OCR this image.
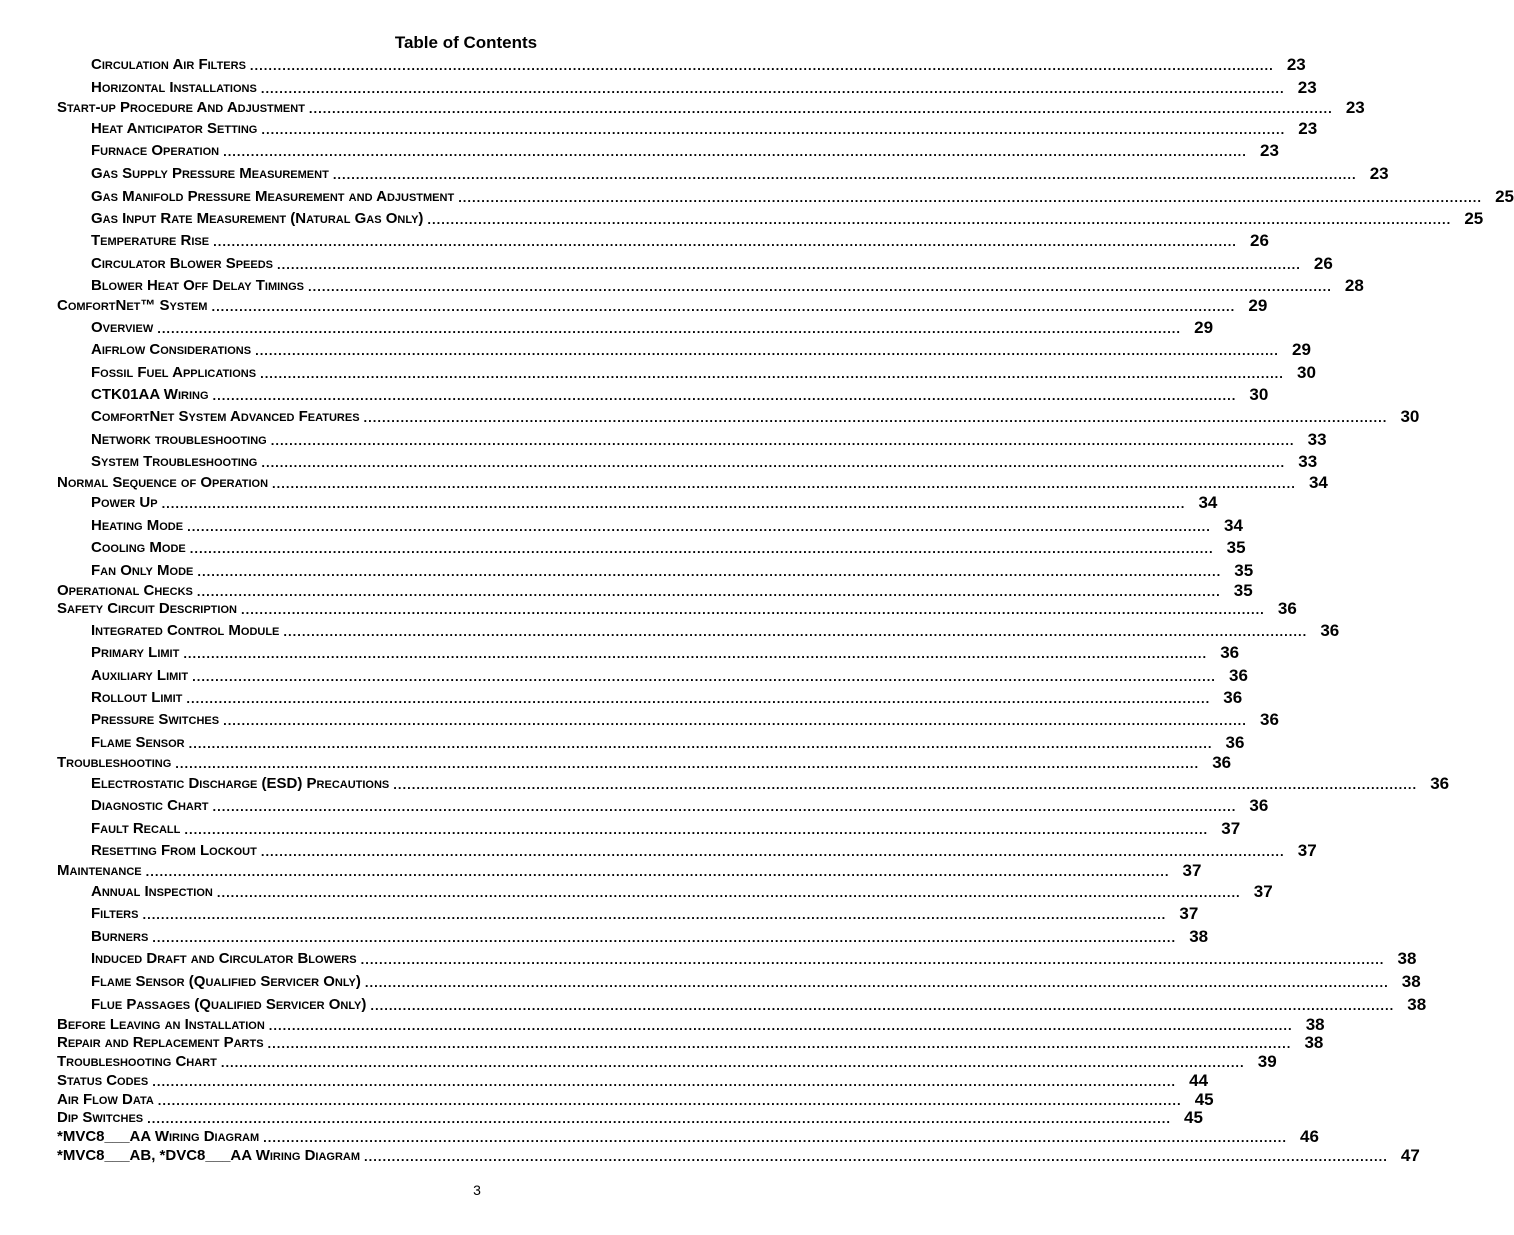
Table of Contents
Circulation Air Filters .............................................................................................................................................................................................................................. 23
Horizontal Installations .............................................................................................................................................................................................................................. 23
Start-up Procedure And Adjustment .............................................................................................................................................................................................................................. 23
Heat Anticipator Setting .............................................................................................................................................................................................................................. 23
Furnace Operation .............................................................................................................................................................................................................................. 23
Gas Supply Pressure Measurement .............................................................................................................................................................................................................................. 23
Gas Manifold Pressure Measurement and Adjustment .............................................................................................................................................................................................................................. 25
Gas Input Rate Measurement (Natural Gas Only) .............................................................................................................................................................................................................................. 25
Temperature Rise .............................................................................................................................................................................................................................. 26
Circulator Blower Speeds .............................................................................................................................................................................................................................. 26
Blower Heat Off Delay Timings .............................................................................................................................................................................................................................. 28
ComfortNet™ System .............................................................................................................................................................................................................................. 29
Overview .............................................................................................................................................................................................................................. 29
Aifrlow Considerations .............................................................................................................................................................................................................................. 29
Fossil Fuel Applications .............................................................................................................................................................................................................................. 30
CTK01AA Wiring .............................................................................................................................................................................................................................. 30
ComfortNet System Advanced Features .............................................................................................................................................................................................................................. 30
Network troubleshooting .............................................................................................................................................................................................................................. 33
System Troubleshooting .............................................................................................................................................................................................................................. 33
Normal Sequence of Operation .............................................................................................................................................................................................................................. 34
Power Up .............................................................................................................................................................................................................................. 34
Heating Mode .............................................................................................................................................................................................................................. 34
Cooling Mode .............................................................................................................................................................................................................................. 35
Fan Only Mode .............................................................................................................................................................................................................................. 35
Operational Checks .............................................................................................................................................................................................................................. 35
Safety Circuit Description .............................................................................................................................................................................................................................. 36
Integrated Control Module .............................................................................................................................................................................................................................. 36
Primary Limit .............................................................................................................................................................................................................................. 36
Auxiliary Limit .............................................................................................................................................................................................................................. 36
Rollout Limit .............................................................................................................................................................................................................................. 36
Pressure Switches .............................................................................................................................................................................................................................. 36
Flame Sensor .............................................................................................................................................................................................................................. 36
Troubleshooting .............................................................................................................................................................................................................................. 36
Electrostatic Discharge (ESD) Precautions .............................................................................................................................................................................................................................. 36
Diagnostic Chart .............................................................................................................................................................................................................................. 36
Fault Recall .............................................................................................................................................................................................................................. 37
Resetting From Lockout .............................................................................................................................................................................................................................. 37
Maintenance .............................................................................................................................................................................................................................. 37
Annual Inspection .............................................................................................................................................................................................................................. 37
Filters .............................................................................................................................................................................................................................. 37
Burners .............................................................................................................................................................................................................................. 38
Induced Draft and Circulator Blowers .............................................................................................................................................................................................................................. 38
Flame Sensor (Qualified Servicer Only) .............................................................................................................................................................................................................................. 38
Flue Passages (Qualified Servicer Only) .............................................................................................................................................................................................................................. 38
Before Leaving an Installation .............................................................................................................................................................................................................................. 38
Repair and Replacement Parts .............................................................................................................................................................................................................................. 38
Troubleshooting Chart .............................................................................................................................................................................................................................. 39
Status Codes .............................................................................................................................................................................................................................. 44
Air Flow Data .............................................................................................................................................................................................................................. 45
Dip Switches .............................................................................................................................................................................................................................. 45
*MVC8___AA Wiring Diagram .............................................................................................................................................................................................................................. 46
*MVC8___AB, *DVC8___AA Wiring Diagram .............................................................................................................................................................................................................................. 47
3
